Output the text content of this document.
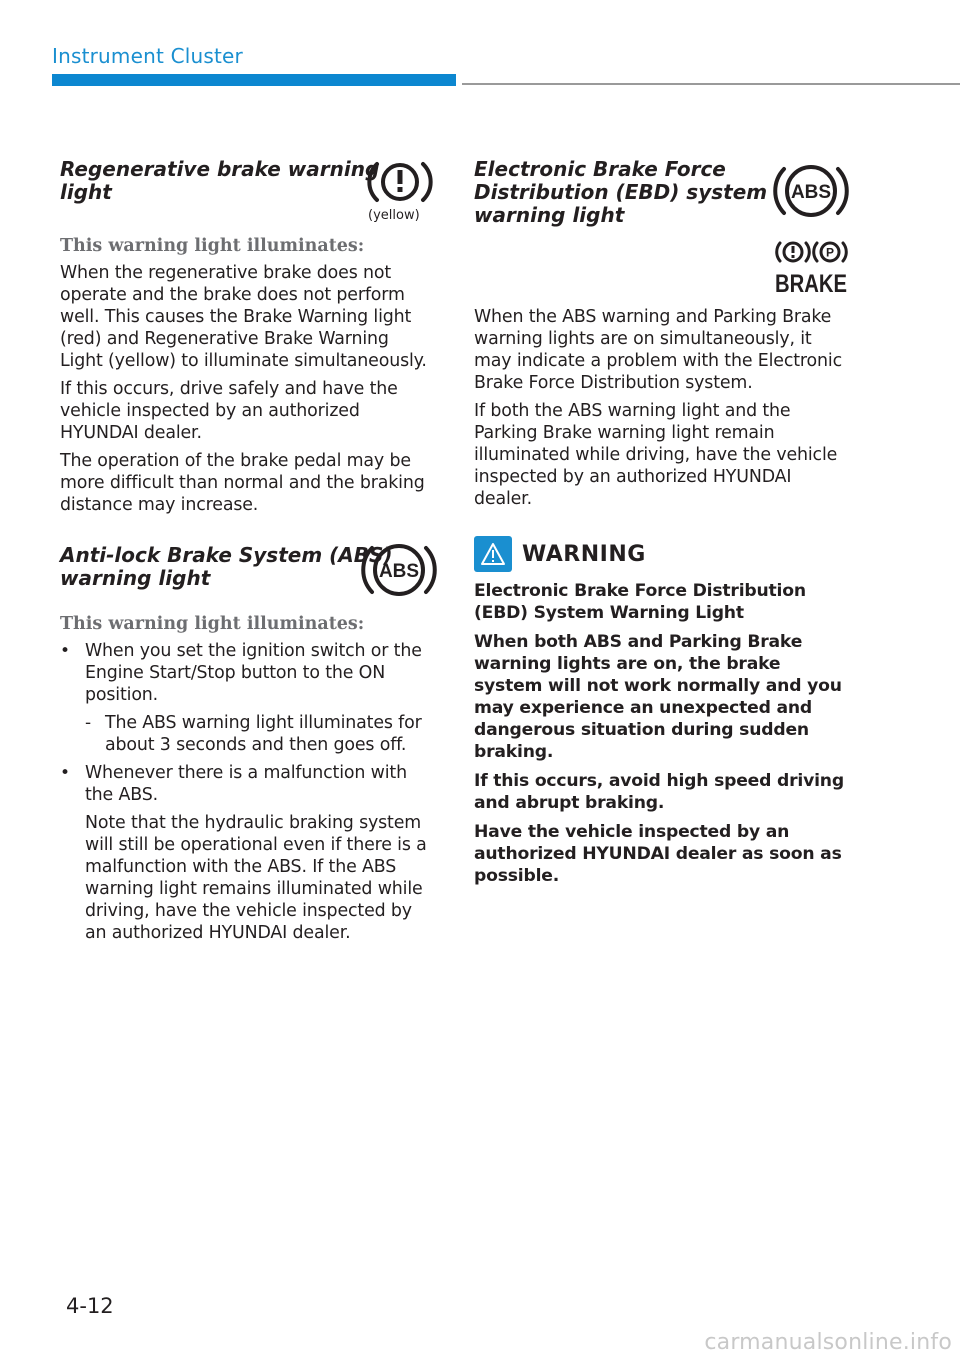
Instrument Cluster
Regenerative brake warning
light
(yellow)

This warning light illuminates:

When the regenerative brake does not operate and the brake does not perform well. This causes the Brake Warning light (red) and Regenerative Brake Warning Light (yellow) to illuminate simultaneously.

If this occurs, drive safely and have the vehicle inspected by an authorized HYUNDAI dealer.

The operation of the brake pedal may be more difficult than normal and the braking distance may increase.

Anti-lock Brake System (ABS)
warning light	ABS

This warning light illuminates:

• When you set the ignition switch or the Engine Start/Stop button to the ON position.

- The ABS warning light illuminates for about 3 seconds and then goes off.

• Whenever there is a malfunction with the ABS.

Note that the hydraulic braking system will still be operational even if there is a malfunction with the ABS. If the ABS warning light remains illuminated while driving, have the vehicle inspected by an authorized HYUNDAI dealer.

Electronic Brake Force
Distribution (EBD) system
warning light
ABS
P
BRAKE

When the ABS warning and Parking Brake warning lights are on simultaneously, it may indicate a problem with the Electronic Brake Force Distribution system.

If both the ABS warning light and the Parking Brake warning light remain illuminated while driving, have the vehicle inspected by an authorized HYUNDAI dealer.

WARNING

Electronic Brake Force Distribution (EBD) System Warning Light

When both ABS and Parking Brake warning lights are on, the brake system will not work normally and you may experience an unexpected and dangerous situation during sudden braking.

If this occurs, avoid high speed driving and abrupt braking.

Have the vehicle inspected by an authorized HYUNDAI dealer as soon as possible.

4-12
carmanualsonline.info
